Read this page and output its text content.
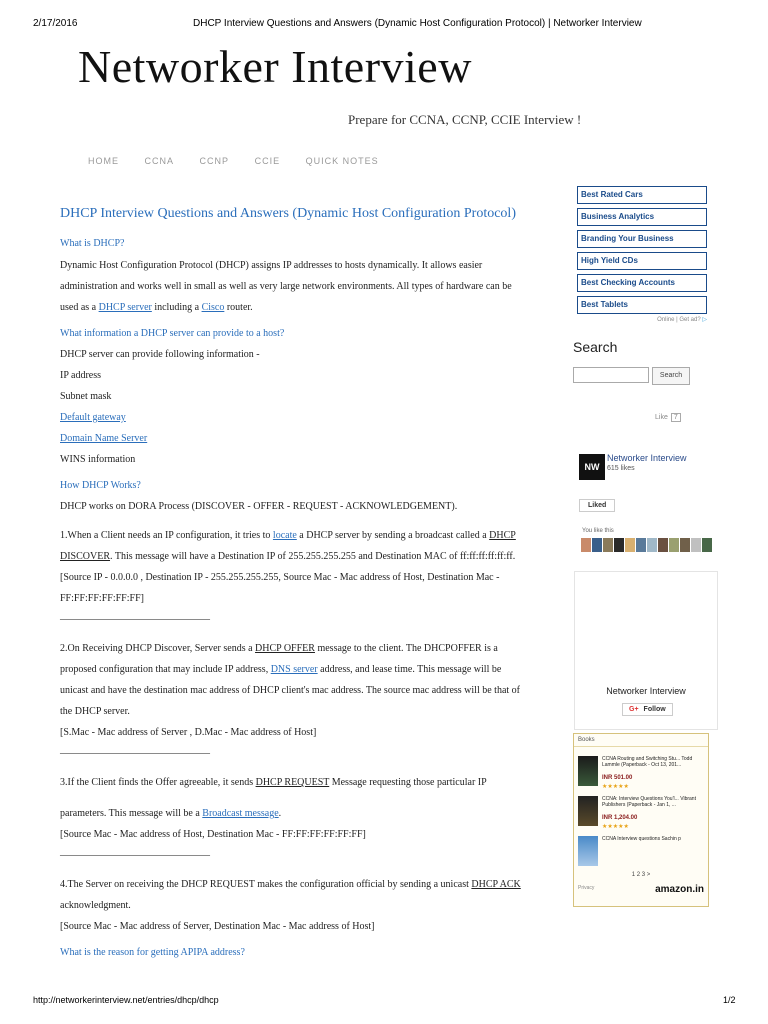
2/17/2016	DHCP Interview Questions and Answers (Dynamic Host Configuration Protocol) | Networker Interview
Networker Interview
Prepare for CCNA, CCNP, CCIE Interview !
HOME	CCNA	CCNP	CCIE	QUICK NOTES
DHCP Interview Questions and Answers (Dynamic Host Configuration Protocol)

What is DHCP?

Dynamic Host Configuration Protocol (DHCP) assigns IP addresses to hosts dynamically. It allows easier administration and works well in small as well as very large network environments. All types of hardware can be used as a DHCP server including a Cisco router.

What information a DHCP server can provide to a host?

DHCP server can provide following information -

IP address

Subnet mask

Default gateway

Domain Name Server

WINS information

How DHCP Works?

DHCP works on DORA Process (DISCOVER - OFFER - REQUEST - ACKNOWLEDGEMENT).

1.When a Client needs an IP configuration, it tries to locate a DHCP server by sending a broadcast called a DHCP DISCOVER. This message will have a Destination IP of 255.255.255.255 and Destination MAC of ff:ff:ff:ff:ff:ff.

[Source IP - 0.0.0.0 , Destination IP - 255.255.255.255, Source Mac - Mac address of Host, Destination Mac - FF:FF:FF:FF:FF:FF]

———————————————

2.On Receiving DHCP Discover, Server sends a DHCP OFFER message to the client. The DHCPOFFER is a proposed configuration that may include IP address, DNS server address, and lease time. This message will be unicast and have the destination mac address of DHCP client's mac address. The source mac address will be that of the DHCP server.

[S.Mac - Mac address of Server , D.Mac - Mac address of Host]

———————————————

3.If the Client finds the Offer agreeable, it sends DHCP REQUEST Message requesting those particular IP

parameters. This message will be a Broadcast message.

[Source Mac - Mac address of Host, Destination Mac - FF:FF:FF:FF:FF:FF]

———————————————

4.The Server on receiving the DHCP REQUEST makes the configuration official by sending a unicast DHCP ACK acknowledgment.

[Source Mac - Mac address of Server, Destination Mac - Mac address of Host]

What is the reason for getting APIPA address?

Best Rated Cars
Business Analytics
Branding Your Business
High Yield CDs
Best Checking Accounts
Best Tablets
Online | Get ad? ▷
Search
Search
Like 7
NW
Networker Interview
615 likes
Liked
You like this
Networker Interview
G+ Follow
Books
CCNA Routing and Switching Stu... Todd Lammle (Paperback - Oct 13, 201...
INR 501.00
★★★★★
CCNA: Interview Questions You'l... Vibrant Publishers (Paperback - Jan 1, ...
INR 1,204.00
★★★★★
CCNA Interview questions Sachin p
1 2 3 >
Privacy	amazon.in
http://networkerinterview.net/entries/dhcp/dhcp	1/2
